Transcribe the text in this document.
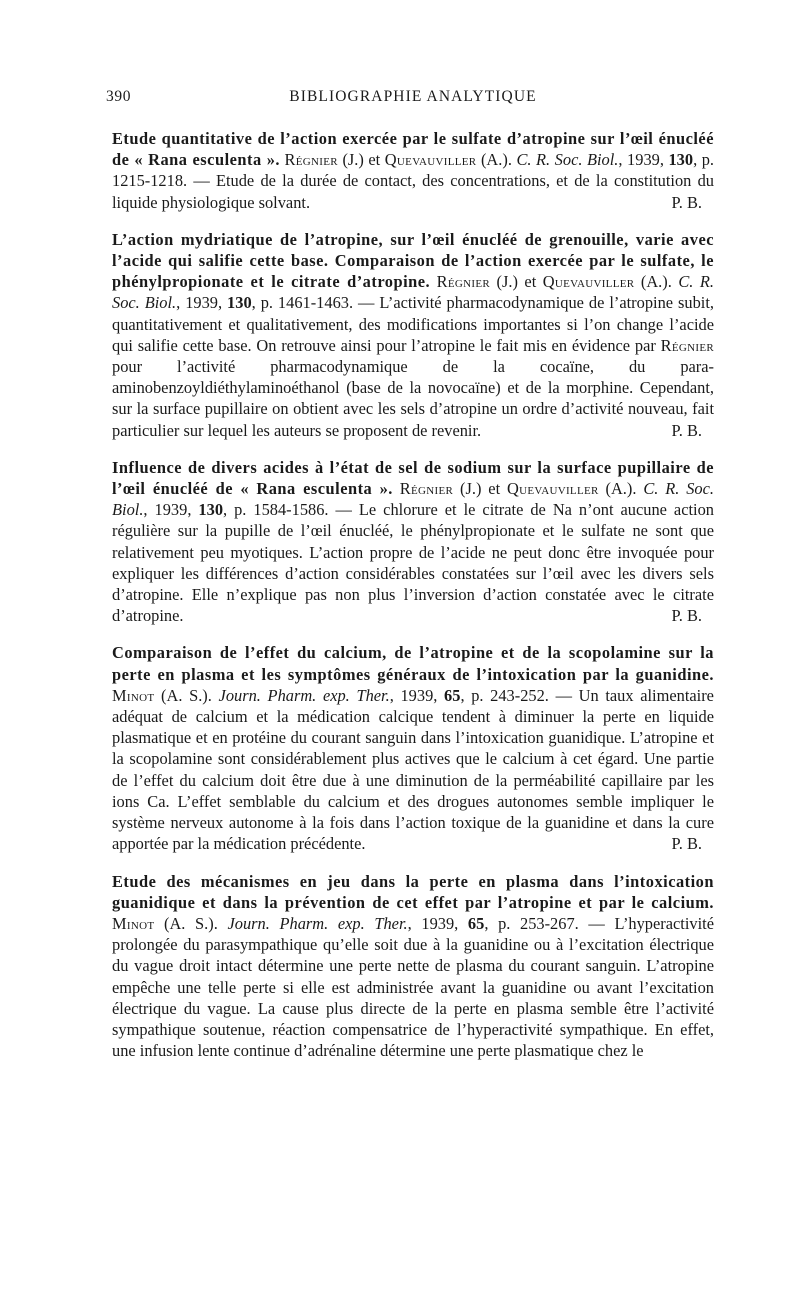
390	BIBLIOGRAPHIE ANALYTIQUE
Etude quantitative de l’action exercée par le sulfate d’atropine sur l’œil énucléé de « Rana esculenta ». Régnier (J.) et Quevauviller (A.). C. R. Soc. Biol., 1939, 130, p. 1215-1218. — Etude de la durée de contact, des concentrations, et de la constitution du liquide physiologique solvant.	P. B.
L’action mydriatique de l’atropine, sur l’œil énucléé de grenouille, varie avec l’acide qui salifie cette base. Comparaison de l’action exercée par le sulfate, le phénylpropionate et le citrate d’atropine. Régnier (J.) et Quevauviller (A.). C. R. Soc. Biol., 1939, 130, p. 1461-1463. — L’activité pharmacodynamique de l’atropine subit, quantitativement et qualitativement, des modifications importantes si l’on change l’acide qui salifie cette base. On retrouve ainsi pour l’atropine le fait mis en évidence par Régnier pour l’activité pharmacodynamique de la cocaïne, du para-aminobenzoyldiéthylaminoéthanol (base de la novocaïne) et de la morphine. Cependant, sur la surface pupillaire on obtient avec les sels d’atropine un ordre d’activité nouveau, fait particulier sur lequel les auteurs se proposent de revenir.	P. B.
Influence de divers acides à l’état de sel de sodium sur la surface pupillaire de l’œil énucléé de « Rana esculenta ». Régnier (J.) et Quevauviller (A.). C. R. Soc. Biol., 1939, 130, p. 1584-1586. — Le chlorure et le citrate de Na n’ont aucune action régulière sur la pupille de l’œil énucléé, le phénylpropionate et le sulfate ne sont que relativement peu myotiques. L’action propre de l’acide ne peut donc être invoquée pour expliquer les différences d’action considérables constatées sur l’œil avec les divers sels d’atropine. Elle n’explique pas non plus l’inversion d’action constatée avec le citrate d’atropine.	P. B.
Comparaison de l’effet du calcium, de l’atropine et de la scopolamine sur la perte en plasma et les symptômes généraux de l’intoxication par la guanidine. Minot (A. S.). Journ. Pharm. exp. Ther., 1939, 65, p. 243-252. — Un taux alimentaire adéquat de calcium et la médication calcique tendent à diminuer la perte en liquide plasmatique et en protéine du courant sanguin dans l’intoxication guanidique. L’atropine et la scopolamine sont considérablement plus actives que le calcium à cet égard. Une partie de l’effet du calcium doit être due à une diminution de la perméabilité capillaire par les ions Ca. L’effet semblable du calcium et des drogues autonomes semble impliquer le système nerveux autonome à la fois dans l’action toxique de la guanidine et dans la cure apportée par la médication précédente.	P. B.
Etude des mécanismes en jeu dans la perte en plasma dans l’intoxication guanidique et dans la prévention de cet effet par l’atropine et par le calcium. Minot (A. S.). Journ. Pharm. exp. Ther., 1939, 65, p. 253-267. — L’hyperactivité prolongée du parasympathique qu’elle soit due à la guanidine ou à l’excitation électrique du vague droit intact détermine une perte nette de plasma du courant sanguin. L’atropine empêche une telle perte si elle est administrée avant la guanidine ou avant l’excitation électrique du vague. La cause plus directe de la perte en plasma semble être l’activité sympathique soutenue, réaction compensatrice de l’hyperactivité sympathique. En effet, une infusion lente continue d’adrénaline détermine une perte plasmatique chez le
